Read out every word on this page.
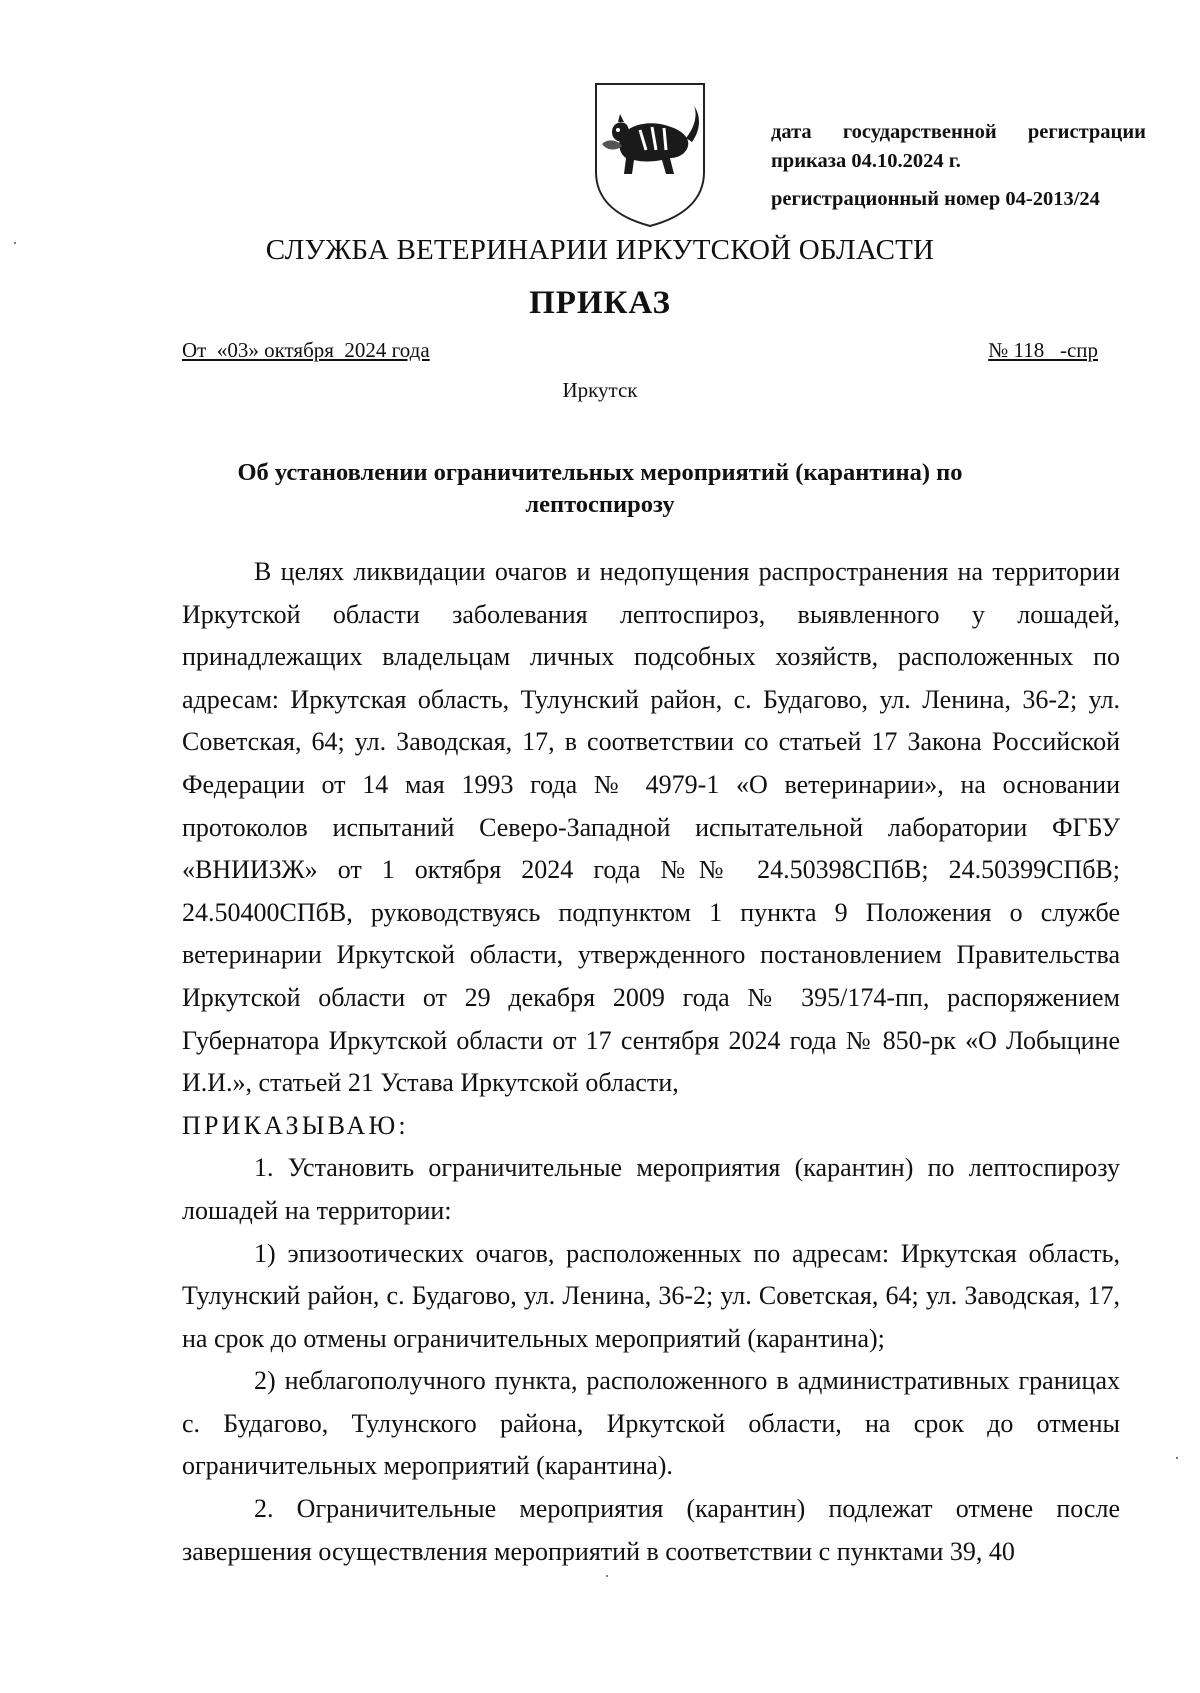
дата государственной регистрации
приказа 04.10.2024 г.
регистрационный номер 04-2013/24
СЛУЖБА ВЕТЕРИНАРИИ ИРКУТСКОЙ ОБЛАСТИ
ПРИКАЗ
От  «03» октября  2024 года	№ 118   -спр
Иркутск
Об установлении ограничительных мероприятий (карантина) по лептоспирозу

В целях ликвидации очагов и недопущения распространения на территории Иркутской области заболевания лептоспироз, выявленного у лошадей, принадлежащих владельцам личных подсобных хозяйств, расположенных по адресам: Иркутская область, Тулунский район, с. Будагово, ул. Ленина, 36-2; ул. Советская, 64; ул. Заводская, 17, в соответствии со статьей 17 Закона Российской Федерации от 14 мая 1993 года № 4979-1 «О ветеринарии», на основании протоколов испытаний Северо-Западной испытательной лаборатории ФГБУ «ВНИИЗЖ» от 1 октября 2024 года №№ 24.50398СПбВ; 24.50399СПбВ; 24.50400СПбВ, руководствуясь подпунктом 1 пункта 9 Положения о службе ветеринарии Иркутской области, утвержденного постановлением Правительства Иркутской области от 29 декабря 2009 года № 395/174-пп, распоряжением Губернатора Иркутской области от 17 сентября 2024 года № 850-рк «О Лобыцине И.И.», статьей 21 Устава Иркутской области,

ПРИКАЗЫВАЮ:

1. Установить ограничительные мероприятия (карантин) по лептоспирозу лошадей на территории:

1) эпизоотических очагов, расположенных по адресам: Иркутская область, Тулунский район, с. Будагово, ул. Ленина, 36-2; ул. Советская, 64; ул. Заводская, 17, на срок до отмены ограничительных мероприятий (карантина);

2) неблагополучного пункта, расположенного в административных границах с. Будагово, Тулунского района, Иркутской области, на срок до отмены ограничительных мероприятий (карантина).

2. Ограничительные мероприятия (карантин) подлежат отмене после завершения осуществления мероприятий в соответствии с пунктами 39, 40
